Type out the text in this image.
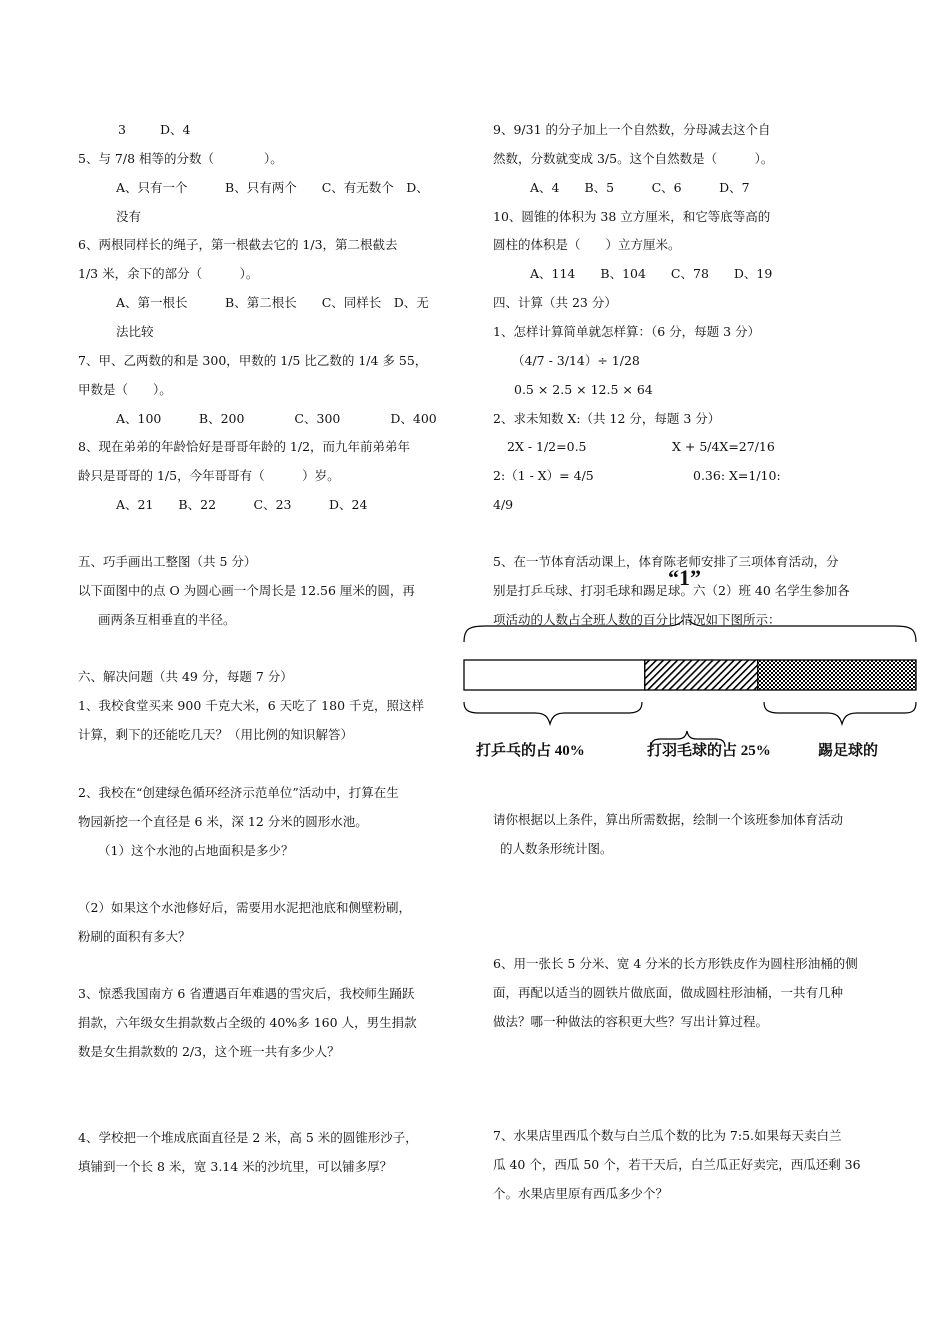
3	D、4
5、与 7/8 相等的分数（　　　　）。
A、只有一个　　　B、只有两个　　C、有无数个　D、
没有
6、两根同样长的绳子，第一根截去它的 1/3，第二根截去
1/3 米，余下的部分（　　　）。
A、第一根长　　　B、第二根长　　C、同样长　D、无
法比较
7、甲、乙两数的和是 300，甲数的 1/5 比乙数的 1/4 多 55，
甲数是（　　）。
A、100　　　B、200　　　　C、300　　　　D、400
8、现在弟弟的年龄恰好是哥哥年龄的 1/2，而九年前弟弟年
龄只是哥哥的 1/5，今年哥哥有（　　　）岁。
A、21　　B、22　　　C、23　　　D、24
五、巧手画出工整图（共 5 分）
以下面图中的点 O 为圆心画一个周长是 12.56 厘米的圆，再
画两条互相垂直的半径。
六、解决问题（共 49 分，每题 7 分）
1、我校食堂买来 900 千克大米，6 天吃了 180 千克，照这样
计算，剩下的还能吃几天？（用比例的知识解答）
2、我校在“创建绿色循环经济示范单位”活动中，打算在生
物园新挖一个直径是 6 米，深 12 分米的圆形水池。
（1）这个水池的占地面积是多少？
（2）如果这个水池修好后，需要用水泥把池底和侧壁粉刷，
粉刷的面积有多大？
3、惊悉我国南方 6 省遭遇百年难遇的雪灾后，我校师生踊跃
捐款，六年级女生捐款数占全级的 40%多 160 人，男生捐款
数是女生捐款数的 2/3，这个班一共有多少人？
4、学校把一个堆成底面直径是 2 米，高 5 米的圆锥形沙子，
填铺到一个长 8 米，宽 3.14 米的沙坑里，可以铺多厚？
9、9/31 的分子加上一个自然数，分母减去这个自
然数，分数就变成 3/5。这个自然数是（　　　）。
A、4　　B、5　　　C、6　　　D、7
10、圆锥的体积为 38 立方厘米，和它等底等高的
圆柱的体积是（　　）立方厘米。
A、114　　B、104　　C、78　　D、19
四、计算（共 23 分）
1、怎样计算简单就怎样算：（6 分，每题 3 分）
（4/7 - 3/14）÷ 1/28
0.5 × 2.5 × 12.5 × 64
2、求未知数 X:（共 12 分，每题 3 分）
2X - 1/2=0.5	X + 5/4X=27/16
2:（1 - X）= 4/5	0.36: X=1/10:
4/9
5、在一节体育活动课上，体育陈老师安排了三项体育活动，分
别是打乒乓球、打羽毛球和踢足球。六（2）班 40 名学生参加各
项活动的人数占全班人数的百分比情况如下图所示：
“1”
打乒乓的占 40%	打羽毛球的占 25%	踢足球的
请你根据以上条件，算出所需数据，绘制一个该班参加体育活动
的人数条形统计图。
6、用一张长 5 分米、宽 4 分米的长方形铁皮作为圆柱形油桶的侧
面，再配以适当的圆铁片做底面，做成圆柱形油桶，一共有几种
做法？哪一种做法的容积更大些？写出计算过程。
7、水果店里西瓜个数与白兰瓜个数的比为 7:5.如果每天卖白兰
瓜 40 个，西瓜 50 个，若干天后，白兰瓜正好卖完，西瓜还剩 36
个。水果店里原有西瓜多少个？
